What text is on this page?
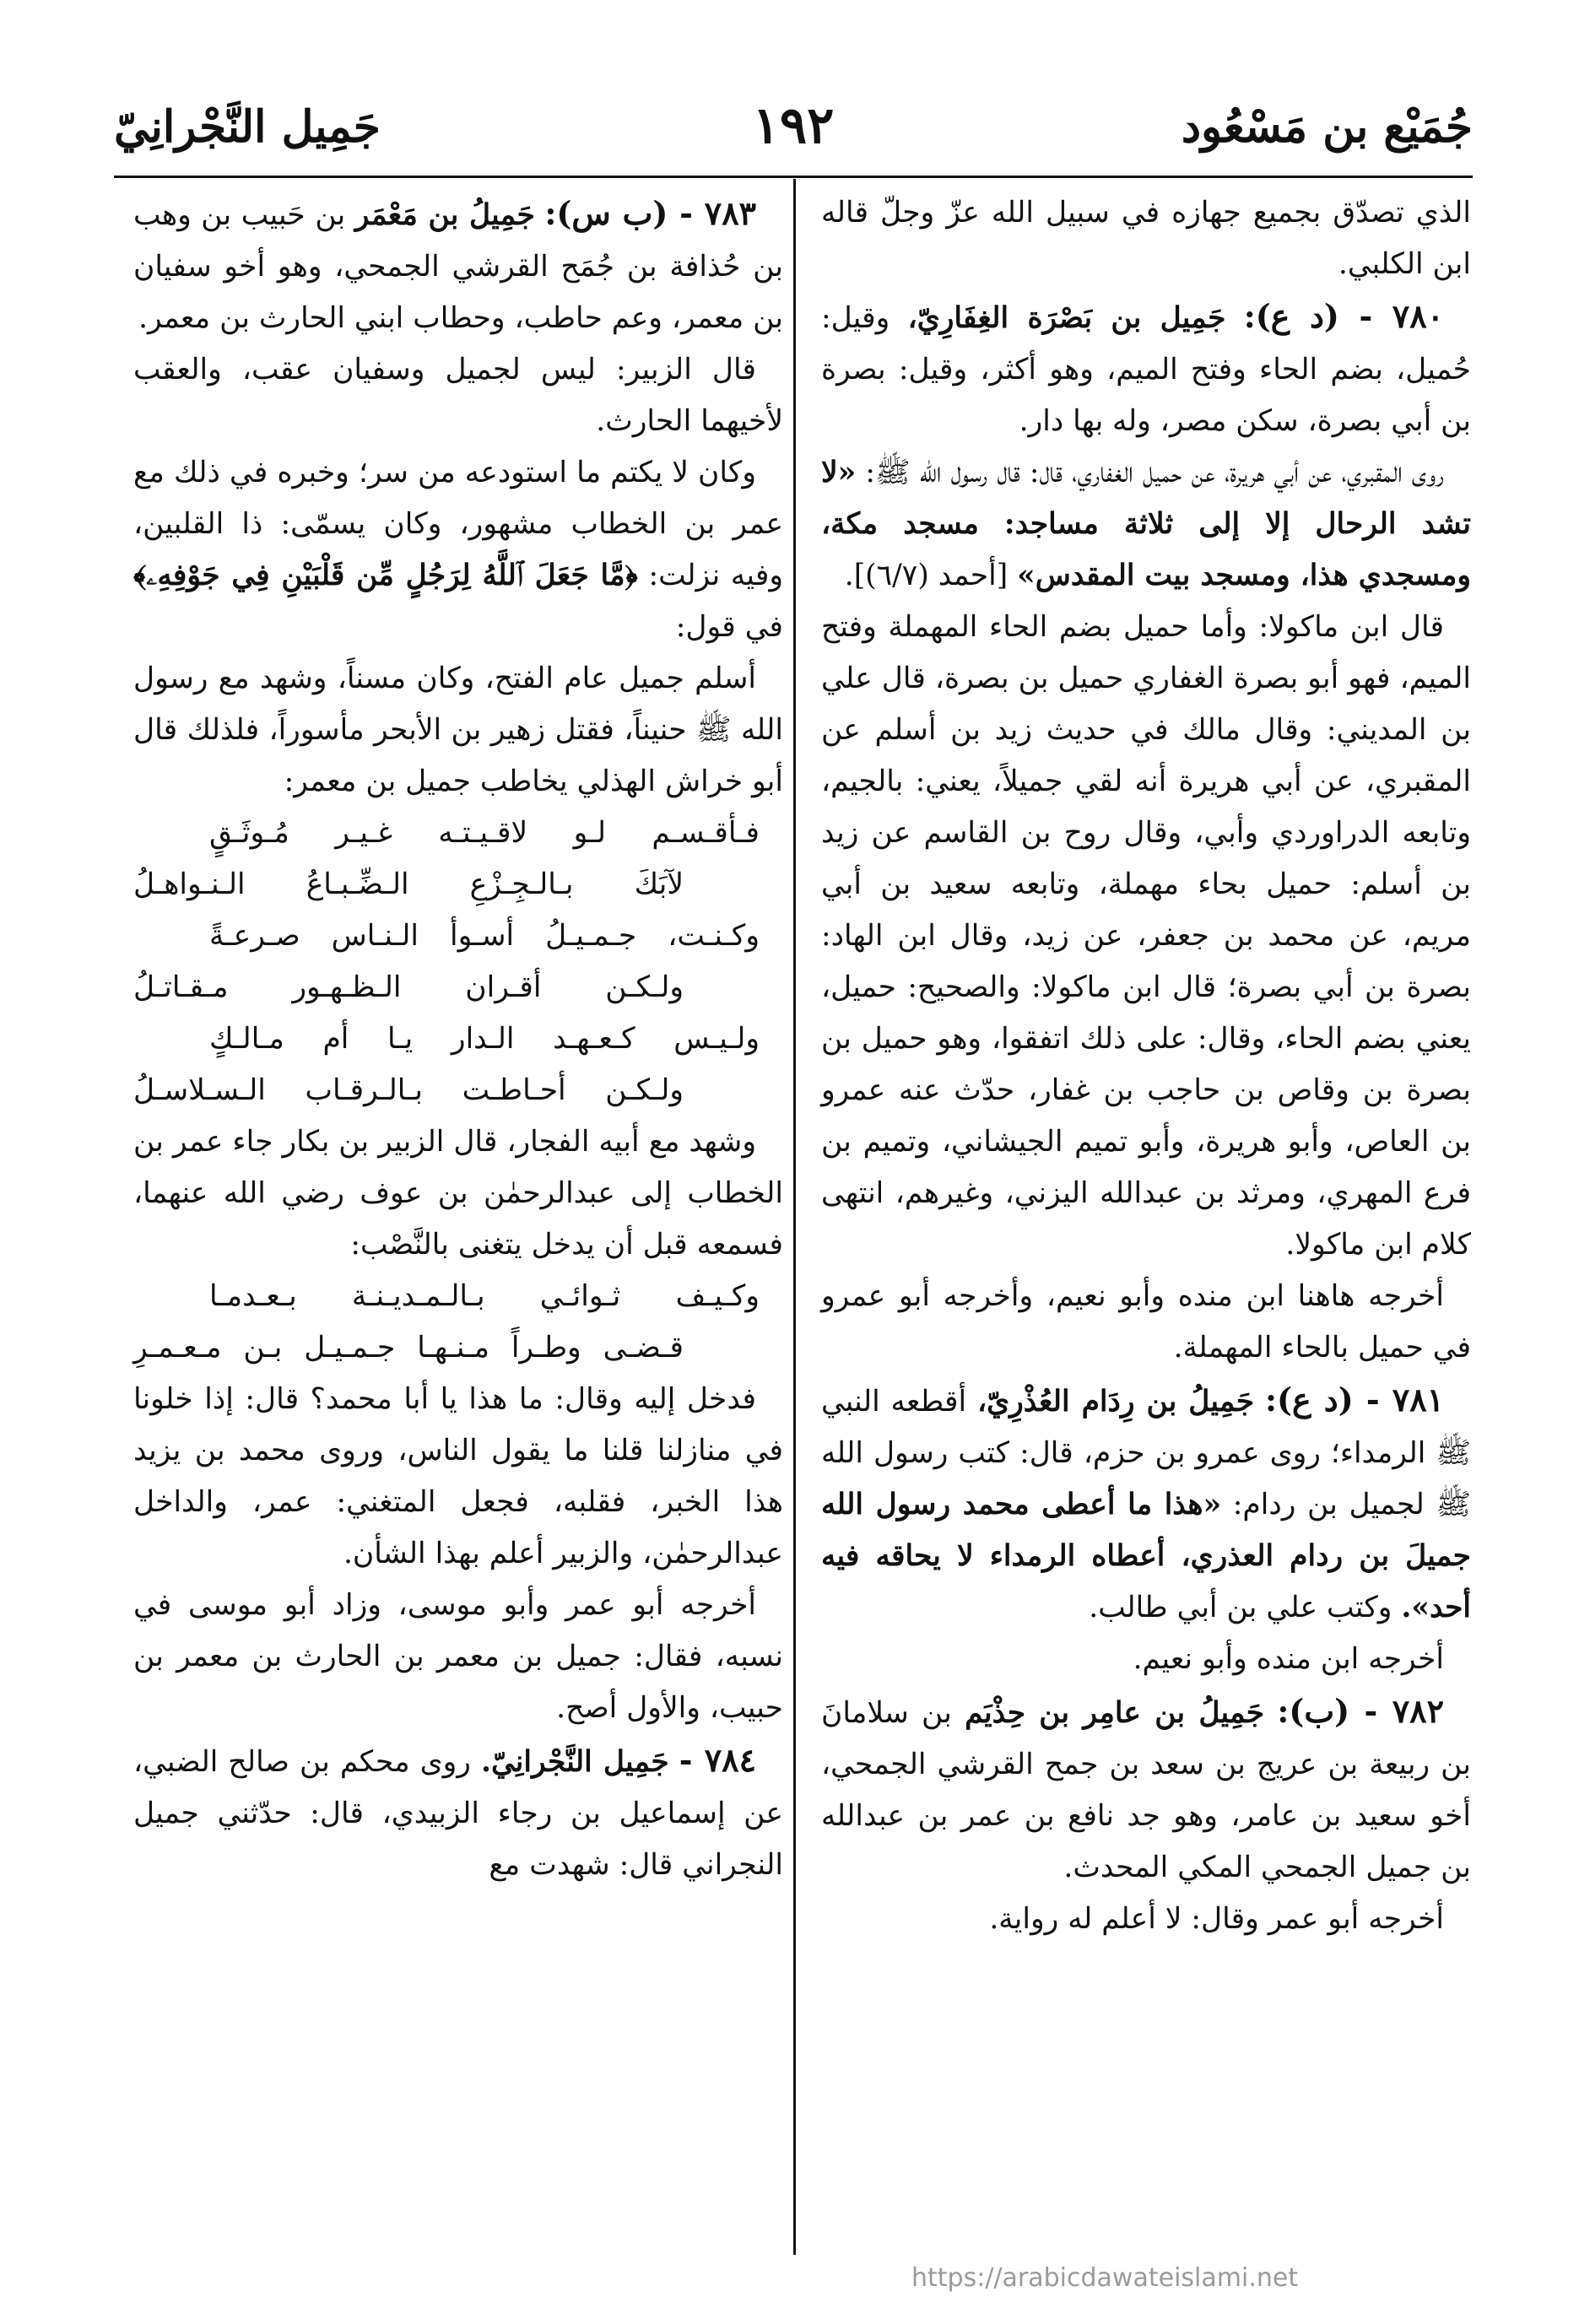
جُمَيْع بن مَسْعُود
١٩٢
جَمِيل النَّجْرانِيّ

الذي تصدّق بجميع جهازه في سبيل الله عزّ وجلّ قاله ابن الكلبي.

٧٨٠ - (د ع): جَمِيل بن بَصْرَة الغِفَارِيّ، وقيل: حُميل، بضم الحاء وفتح الميم، وهو أكثر، وقيل: بصرة بن أبي بصرة، سكن مصر، وله بها دار.

روى المقبري، عن أبي هريرة، عن حميل الغفاري، قال: قال رسول الله ﷺ: «لا تشد الرحال إلا إلى ثلاثة مساجد: مسجد مكة، ومسجدي هذا، ومسجد بيت المقدس» [أحمد (٦/٧)].

قال ابن ماكولا: وأما حميل بضم الحاء المهملة وفتح الميم، فهو أبو بصرة الغفاري حميل بن بصرة، قال علي بن المديني: وقال مالك في حديث زيد بن أسلم عن المقبري، عن أبي هريرة أنه لقي جميلاً، يعني: بالجيم، وتابعه الدراوردي وأبي، وقال روح بن القاسم عن زيد بن أسلم: حميل بحاء مهملة، وتابعه سعيد بن أبي مريم، عن محمد بن جعفر، عن زيد، وقال ابن الهاد: بصرة بن أبي بصرة؛ قال ابن ماكولا: والصحيح: حميل، يعني بضم الحاء، وقال: على ذلك اتفقوا، وهو حميل بن بصرة بن وقاص بن حاجب بن غفار، حدّث عنه عمرو بن العاص، وأبو هريرة، وأبو تميم الجيشاني، وتميم بن فرع المهري، ومرثد بن عبدالله اليزني، وغيرهم، انتهى كلام ابن ماكولا.

أخرجه هاهنا ابن منده وأبو نعيم، وأخرجه أبو عمرو في حميل بالحاء المهملة.

٧٨١ - (د ع): جَمِيلُ بن رِدَام العُذْرِيّ، أقطعه النبي ﷺ الرمداء؛ روى عمرو بن حزم، قال: كتب رسول الله ﷺ لجميل بن ردام: «هذا ما أعطى محمد رسول الله جميلَ بن ردام العذري، أعطاه الرمداء لا يحاقه فيه أحد». وكتب علي بن أبي طالب.

أخرجه ابن منده وأبو نعيم.

٧٨٢ - (ب): جَمِيلُ بن عامِر بن حِذْيَم بن سلامانَ بن ربيعة بن عريج بن سعد بن جمح القرشي الجمحي، أخو سعيد بن عامر، وهو جد نافع بن عمر بن عبدالله بن جميل الجمحي المكي المحدث.

أخرجه أبو عمر وقال: لا أعلم له رواية.

٧٨٣ - (ب س): جَمِيلُ بن مَعْمَر بن حَبيب بن وهب بن حُذافة بن جُمَح القرشي الجمحي، وهو أخو سفيان بن معمر، وعم حاطب، وحطاب ابني الحارث بن معمر.

قال الزبير: ليس لجميل وسفيان عقب، والعقب لأخيهما الحارث.

وكان لا يكتم ما استودعه من سر؛ وخبره في ذلك مع عمر بن الخطاب مشهور، وكان يسمّى: ذا القلبين، وفيه نزلت: ﴿مَّا جَعَلَ ٱللَّهُ لِرَجُلٍ مِّن قَلْبَيْنِ فِي جَوْفِهِۦ﴾ في قول:

أسلم جميل عام الفتح، وكان مسناً، وشهد مع رسول الله ﷺ حنيناً، فقتل زهير بن الأبحر مأسوراً، فلذلك قال أبو خراش الهذلي يخاطب جميل بن معمر:

فـأقـسـم لـو لاقـيـتـه غـيـر مُـوثَـقٍ
لآبَكَ بـالـجِـزْعِ الـضِّـبـاعُ الـنـواهـلُ
وكـنـت، جـمـيـلُ أسـوأ الـنـاس صـرعـةً
ولـكـن أقـران الـظـهـور مـقـاتـلُ
ولـيـس كـعـهـد الـدار يـا أم مـالـكٍ
ولـكـن أحـاطـت بـالـرقـاب الـسـلاسـلُ

وشهد مع أبيه الفجار، قال الزبير بن بكار جاء عمر بن الخطاب إلى عبدالرحمٰن بن عوف رضي الله عنهما، فسمعه قبل أن يدخل يتغنى بالنَّصْب:

وكـيـف ثـوائـي بـالـمـديـنـة بـعـدمـا
قـضـى وطـراً مـنـهـا جـمـيـل بـن مـعـمـرِ

فدخل إليه وقال: ما هذا يا أبا محمد؟ قال: إذا خلونا في منازلنا قلنا ما يقول الناس، وروى محمد بن يزيد هذا الخبر، فقلبه، فجعل المتغني: عمر، والداخل عبدالرحمٰن، والزبير أعلم بهذا الشأن.

أخرجه أبو عمر وأبو موسى، وزاد أبو موسى في نسبه، فقال: جميل بن معمر بن الحارث بن معمر بن حبيب، والأول أصح.

٧٨٤ - جَمِيل النَّجْرانِيّ. روى محكم بن صالح الضبي، عن إسماعيل بن رجاء الزبيدي، قال: حدّثني جميل النجراني قال: شهدت مع

https://arabicdawateislami.net
